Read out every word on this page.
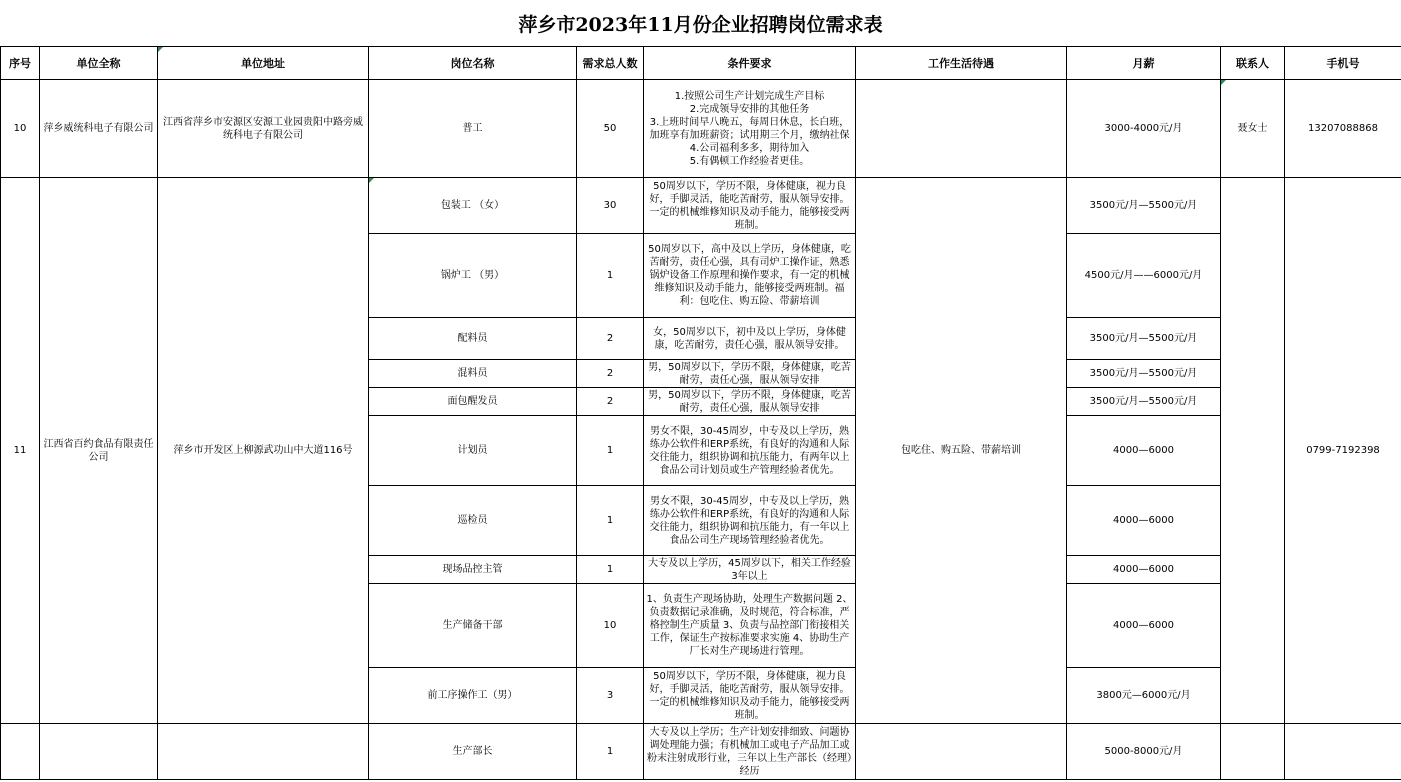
萍乡市2023年11月份企业招聘岗位需求表
序号	单位全称	单位地址	岗位名称	需求总人数	条件要求	工作生活待遇	月薪	联系人	手机号
10	萍乡威统科电子有限公司	江西省萍乡市安源区安源工业园贵阳中路旁威统科电子有限公司	普工	50	1.按照公司生产计划完成生产目标
2.完成领导安排的其他任务
3.上班时间早八晚五，每周日休息，长白班，加班享有加班薪资；试用期三个月，缴纳社保
4.公司福利多多，期待加入
5.有偶顿工作经验者更佳。		3000-4000元/月	聂女士	13207088868
11	江西省百约食品有限责任公司	萍乡市开发区上柳源武功山中大道116号	包装工 （女）	30	50周岁以下，学历不限，身体健康，视力良好，手脚灵活，能吃苦耐劳，服从领导安排。一定的机械维修知识及动手能力，能够接受两班制。	包吃住、购五险、带薪培训	3500元/月—5500元/月		0799-7192398
			锅炉工 （男）	1	50周岁以下，高中及以上学历，身体健康，吃苦耐劳，责任心强，具有司炉工操作证，熟悉锅炉设备工作原理和操作要求，有一定的机械维修知识及动手能力，能够接受两班制。福利：包吃住、购五险、带薪培训		4500元/月——6000元/月		
			配料员	2	女，50周岁以下，初中及以上学历，身体健康，吃苦耐劳，责任心强，服从领导安排。		3500元/月—5500元/月		
			混料员	2	男，50周岁以下，学历不限，身体健康，吃苦耐劳，责任心强，服从领导安排		3500元/月—5500元/月		
			面包醒发员	2	男，50周岁以下，学历不限，身体健康，吃苦耐劳，责任心强，服从领导安排		3500元/月—5500元/月		
			计划员	1	男女不限，30-45周岁，中专及以上学历，熟练办公软件和ERP系统，有良好的沟通和人际交往能力，组织协调和抗压能力，有两年以上食品公司计划员或生产管理经验者优先。		4000—6000		
			巡检员	1	男女不限，30-45周岁，中专及以上学历，熟练办公软件和ERP系统，有良好的沟通和人际交往能力，组织协调和抗压能力，有一年以上食品公司生产现场管理经验者优先。		4000—6000		
			现场品控主管	1	大专及以上学历，45周岁以下，相关工作经验3年以上		4000—6000		
			生产储备干部	10	1、负责生产现场协助，处理生产数据问题 2、负责数据记录准确，及时规范，符合标准，严格控制生产质量 3、负责与品控部门衔接相关工作，保证生产按标准要求实施 4、协助生产厂长对生产现场进行管理。		4000—6000		
			前工序操作工（男）	3	50周岁以下，学历不限，身体健康，视力良好，手脚灵活，能吃苦耐劳，服从领导安排。一定的机械维修知识及动手能力，能够接受两班制。		3800元—6000元/月		
			生产部长	1	大专及以上学历；生产计划安排细致、问题协调处理能力强；有机械加工或电子产品加工或粉末注射成形行业，三年以上生产部长（经理）经历		5000-8000元/月		
